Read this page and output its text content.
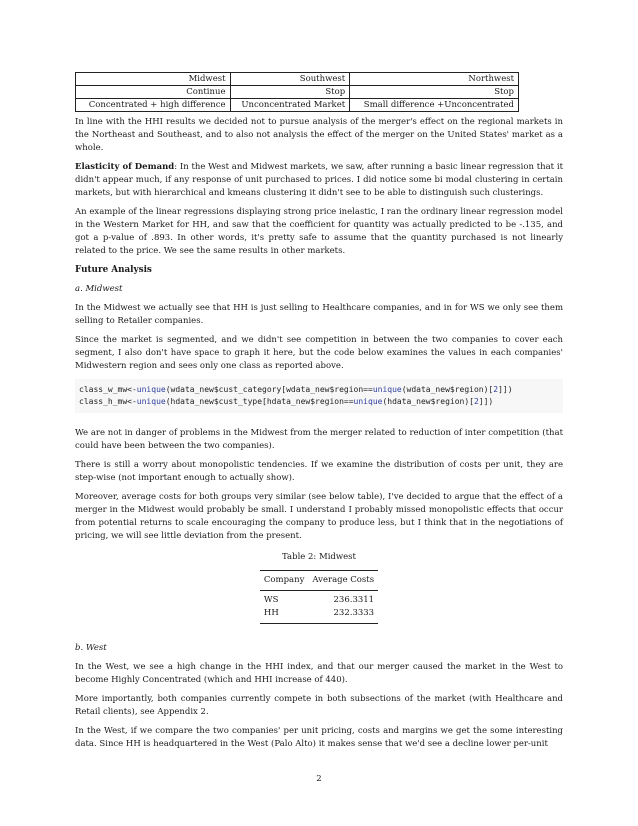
Midwest	Southwest	Northwest
Continue	Stop	Stop
Concentrated + high difference	Unconcentrated Market	Small difference +Unconcentrated

In line with the HHI results we decided not to pursue analysis of the merger's effect on the regional markets in the Northeast and Southeast, and to also not analysis the effect of the merger on the United States' market as a whole.

Elasticity of Demand: In the West and Midwest markets, we saw, after running a basic linear regression that it didn't appear much, if any response of unit purchased to prices. I did notice some bi modal clustering in certain markets, but with hierarchical and kmeans clustering it didn't see to be able to distinguish such clusterings.

An example of the linear regressions displaying strong price inelastic, I ran the ordinary linear regression model in the Western Market for HH, and saw that the coefficient for quantity was actually predicted to be -.135, and got a p-value of .893. In other words, it's pretty safe to assume that the quantity purchased is not linearly related to the price. We see the same results in other markets.

Future Analysis

a. Midwest

In the Midwest we actually see that HH is just selling to Healthcare companies, and in for WS we only see them selling to Retailer companies.

Since the market is segmented, and we didn't see competition in between the two companies to cover each segment, I also don't have space to graph it here, but the code below examines the values in each companies' Midwestern region and sees only one class as reported above.

class_w_mw<-unique(wdata_new$cust_category[wdata_new$region==unique(wdata_new$region)[2]])
class_h_mw<-unique(hdata_new$cust_type[hdata_new$region==unique(hdata_new$region)[2]])

We are not in danger of problems in the Midwest from the merger related to reduction of inter competition (that could have been between the two companies).

There is still a worry about monopolistic tendencies. If we examine the distribution of costs per unit, they are step-wise (not important enough to actually show).

Moreover, average costs for both groups very similar (see below table), I've decided to argue that the effect of a merger in the Midwest would probably be small. I understand I probably missed monopolistic effects that occur from potential returns to scale encouraging the company to produce less, but I think that in the negotiations of pricing, we will see little deviation from the present.

Table 2: Midwest
Company	Average Costs
WS	236.3311
HH	232.3333

b. West

In the West, we see a high change in the HHI index, and that our merger caused the market in the West to become Highly Concentrated (which and HHI increase of 440).

More importantly, both companies currently compete in both subsections of the market (with Healthcare and Retail clients), see Appendix 2.

In the West, if we compare the two companies' per unit pricing, costs and margins we get the some interesting data. Since HH is headquartered in the West (Palo Alto) it makes sense that we'd see a decline lower per-unit

2
